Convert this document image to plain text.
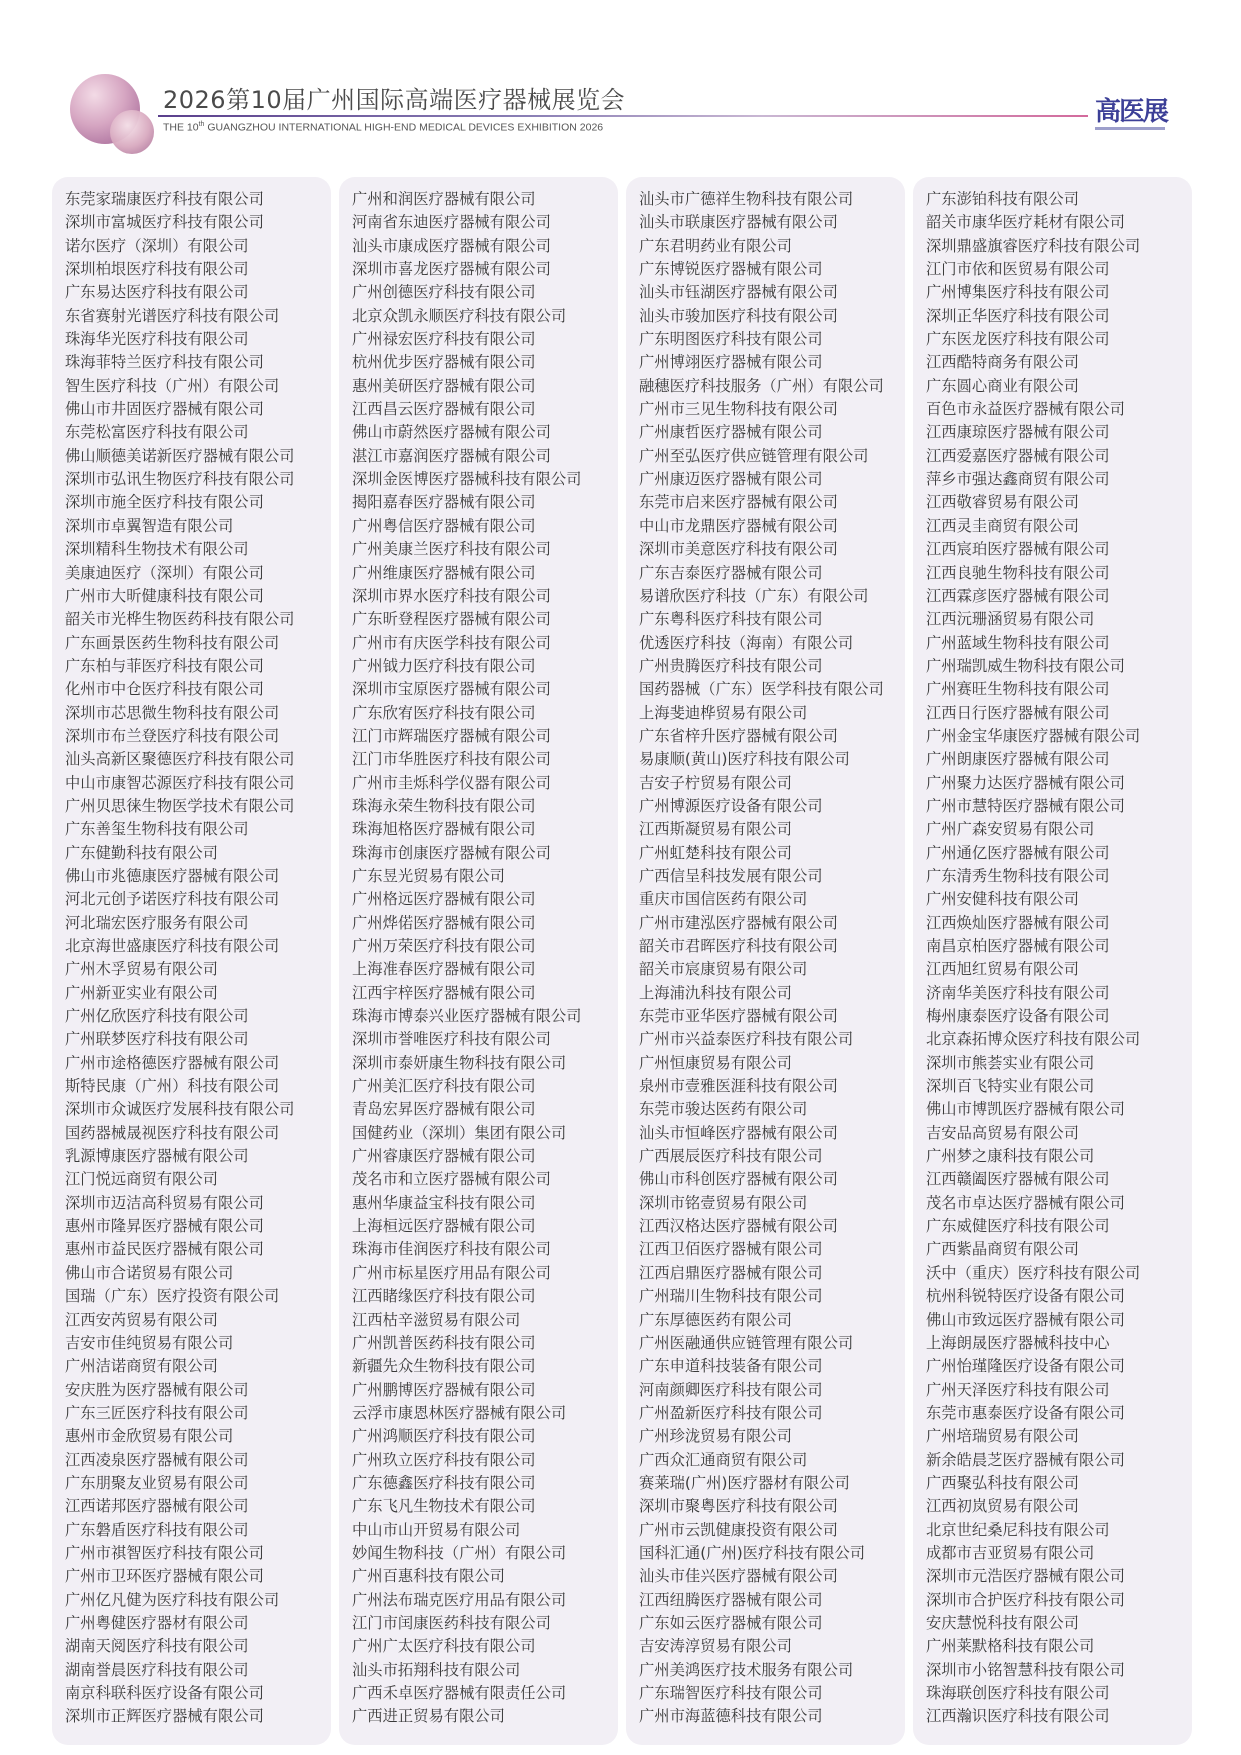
2026第10届广州国际高端医疗器械展览会
THE 10th GUANGZHOU INTERNATIONAL HIGH-END MEDICAL DEVICES EXHIBITION 2026
高医展
东莞家瑞康医疗科技有限公司
深圳市富城医疗科技有限公司
诺尔医疗（深圳）有限公司
深圳柏垠医疗科技有限公司
广东易达医疗科技有限公司
东省赛射光谱医疗科技有限公司
珠海华光医疗科技有限公司
珠海菲特兰医疗科技有限公司
智生医疗科技（广州）有限公司
佛山市井固医疗器械有限公司
东莞松富医疗科技有限公司
佛山顺德美诺新医疗器械有限公司
深圳市弘讯生物医疗科技有限公司
深圳市施全医疗科技有限公司
深圳市卓翼智造有限公司
深圳精科生物技术有限公司
美康迪医疗（深圳）有限公司
广州市大昕健康科技有限公司
韶关市光桦生物医药科技有限公司
广东画景医药生物科技有限公司
广东柏与菲医疗科技有限公司
化州市中仓医疗科技有限公司
深圳市芯思微生物科技有限公司
深圳市布兰登医疗科技有限公司
汕头高新区聚德医疗科技有限公司
中山市康智芯源医疗科技有限公司
广州贝思徕生物医学技术有限公司
广东善玺生物科技有限公司
广东健勤科技有限公司
佛山市兆德康医疗器械有限公司
河北元创予诺医疗科技有限公司
河北瑞宏医疗服务有限公司
北京海世盛康医疗科技有限公司
广州木孚贸易有限公司
广州新亚实业有限公司
广州亿欣医疗科技有限公司
广州联梦医疗科技有限公司
广州市途格德医疗器械有限公司
斯特民康（广州）科技有限公司
深圳市众诚医疗发展科技有限公司
国药器械晟视医疗科技有限公司
乳源博康医疗器械有限公司
江门悦远商贸有限公司
深圳市迈洁高科贸易有限公司
惠州市隆昇医疗器械有限公司
惠州市益民医疗器械有限公司
佛山市合诺贸易有限公司
国瑞（广东）医疗投资有限公司
江西安芮贸易有限公司
吉安市佳纯贸易有限公司
广州洁诺商贸有限公司
安庆胜为医疗器械有限公司
广东三匠医疗科技有限公司
惠州市金欣贸易有限公司
江西凌泉医疗器械有限公司
广东朋聚友业贸易有限公司
江西诺邦医疗器械有限公司
广东磐盾医疗科技有限公司
广州市祺智医疗科技有限公司
广州市卫环医疗器械有限公司
广州亿凡健为医疗科技有限公司
广州粤健医疗器材有限公司
湖南天阅医疗科技有限公司
湖南誉晨医疗科技有限公司
南京科联科医疗设备有限公司
深圳市正辉医疗器械有限公司
广州和润医疗器械有限公司
河南省东迪医疗器械有限公司
汕头市康成医疗器械有限公司
深圳市喜龙医疗器械有限公司
广州创德医疗科技有限公司
北京众凯永顺医疗科技有限公司
广州禄宏医疗科技有限公司
杭州优步医疗器械有限公司
惠州美研医疗器械有限公司
江西昌云医疗器械有限公司
佛山市蔚然医疗器械有限公司
湛江市嘉润医疗器械有限公司
深圳金医博医疗器械科技有限公司
揭阳嘉春医疗器械有限公司
广州粤信医疗器械有限公司
广州美康兰医疗科技有限公司
广州维康医疗器械有限公司
深圳市界水医疗科技有限公司
广东昕登程医疗器械有限公司
广州市有庆医学科技有限公司
广州钺力医疗科技有限公司
深圳市宝原医疗器械有限公司
广东欣宥医疗科技有限公司
江门市辉瑞医疗器械有限公司
江门市华胜医疗科技有限公司
广州市圭烁科学仪器有限公司
珠海永荣生物科技有限公司
珠海旭格医疗器械有限公司
珠海市创康医疗器械有限公司
广东昱光贸易有限公司
广州格远医疗器械有限公司
广州烨偌医疗器械有限公司
广州万荣医疗科技有限公司
上海准春医疗器械有限公司
江西宇梓医疗器械有限公司
珠海市博泰兴业医疗器械有限公司
深圳市誉唯医疗科技有限公司
深圳市泰妍康生物科技有限公司
广州美汇医疗科技有限公司
青岛宏昇医疗器械有限公司
国健药业（深圳）集团有限公司
广州睿康医疗器械有限公司
茂名市和立医疗器械有限公司
惠州华康益宝科技有限公司
上海桓远医疗器械有限公司
珠海市佳润医疗科技有限公司
广州市标星医疗用品有限公司
江西睹缘医疗科技有限公司
江西枯辛滋贸易有限公司
广州凯普医药科技有限公司
新疆先众生物科技有限公司
广州鹏博医疗器械有限公司
云浮市康恩林医疗器械有限公司
广州鸿顺医疗科技有限公司
广州玖立医疗科技有限公司
广东德鑫医疗科技有限公司
广东飞凡生物技术有限公司
中山市山开贸易有限公司
妙闻生物科技（广州）有限公司
广州百惠科技有限公司
广州法布瑞克医疗用品有限公司
江门市闰康医药科技有限公司
广州广太医疗科技有限公司
汕头市拓翔科技有限公司
广西禾卓医疗器械有限责任公司
广西进正贸易有限公司
汕头市广德祥生物科技有限公司
汕头市联康医疗器械有限公司
广东君明药业有限公司
广东博锐医疗器械有限公司
汕头市钰湖医疗器械有限公司
汕头市骏加医疗科技有限公司
广东明图医疗科技有限公司
广州博翊医疗器械有限公司
融穗医疗科技服务（广州）有限公司
广州市三见生物科技有限公司
广州康哲医疗器械有限公司
广州至弘医疗供应链管理有限公司
广州康迈医疗器械有限公司
东莞市启来医疗器械有限公司
中山市龙鼎医疗器械有限公司
深圳市美意医疗科技有限公司
广东吉泰医疗器械有限公司
易谱欣医疗科技（广东）有限公司
广东粤科医疗科技有限公司
优透医疗科技（海南）有限公司
广州贵腾医疗科技有限公司
国药器械（广东）医学科技有限公司
上海斐迪桦贸易有限公司
广东省梓升医疗器械有限公司
易康顺(黄山)医疗科技有限公司
吉安子柠贸易有限公司
广州博源医疗设备有限公司
江西斯凝贸易有限公司
广州虹楚科技有限公司
广西信呈科技发展有限公司
重庆市国信医药有限公司
广州市建泓医疗器械有限公司
韶关市君晖医疗科技有限公司
韶关市宸康贸易有限公司
上海浦氿科技有限公司
东莞市亚华医疗器械有限公司
广州市兴益泰医疗科技有限公司
广州恒康贸易有限公司
泉州市壹雅医涯科技有限公司
东莞市骏达医药有限公司
汕头市恒峰医疗器械有限公司
广西展辰医疗科技有限公司
佛山市科创医疗器械有限公司
深圳市铭壹贸易有限公司
江西汉格达医疗器械有限公司
江西卫佰医疗器械有限公司
江西启鼎医疗器械有限公司
广州瑞川生物科技有限公司
广东厚德医药有限公司
广州医融通供应链管理有限公司
广东申道科技装备有限公司
河南颜卿医疗科技有限公司
广州盈新医疗科技有限公司
广州珍泷贸易有限公司
广西众汇通商贸有限公司
赛莱瑞(广州)医疗器材有限公司
深圳市聚粤医疗科技有限公司
广州市云凯健康投资有限公司
国科汇通(广州)医疗科技有限公司
汕头市佳兴医疗器械有限公司
江西纽腾医疗器械有限公司
广东如云医疗器械有限公司
吉安涛淳贸易有限公司
广州美鸿医疗技术服务有限公司
广东瑞智医疗科技有限公司
广州市海蓝德科技有限公司
广东澎铂科技有限公司
韶关市康华医疗耗材有限公司
深圳鼎盛旗睿医疗科技有限公司
江门市依和医贸易有限公司
广州博集医疗科技有限公司
深圳正华医疗科技有限公司
广东医龙医疗科技有限公司
江西酷特商务有限公司
广东圆心商业有限公司
百色市永益医疗器械有限公司
江西康琼医疗器械有限公司
江西爱嘉医疗器械有限公司
萍乡市强达鑫商贸有限公司
江西敬睿贸易有限公司
江西灵圭商贸有限公司
江西宸珀医疗器械有限公司
江西良驰生物科技有限公司
江西霖彦医疗器械有限公司
江西沅珊涵贸易有限公司
广州蓝域生物科技有限公司
广州瑞凯威生物科技有限公司
广州赛旺生物科技有限公司
江西日行医疗器械有限公司
广州金宝华康医疗器械有限公司
广州朗康医疗器械有限公司
广州聚力达医疗器械有限公司
广州市慧特医疗器械有限公司
广州广森安贸易有限公司
广州通亿医疗器械有限公司
广东清秀生物科技有限公司
广州安健科技有限公司
江西焕灿医疗器械有限公司
南昌京柏医疗器械有限公司
江西旭红贸易有限公司
济南华美医疗科技有限公司
梅州康泰医疗设备有限公司
北京森拓博众医疗科技有限公司
深圳市熊荟实业有限公司
深圳百飞特实业有限公司
佛山市博凯医疗器械有限公司
吉安品高贸易有限公司
广州梦之康科技有限公司
江西赣阖医疗器械有限公司
茂名市卓达医疗器械有限公司
广东威健医疗科技有限公司
广西紫晶商贸有限公司
沃中（重庆）医疗科技有限公司
杭州科锐特医疗设备有限公司
佛山市致远医疗器械有限公司
上海朗晟医疗器械科技中心
广州怡瑾隆医疗设备有限公司
广州天泽医疗科技有限公司
东莞市惠泰医疗设备有限公司
广州培瑞贸易有限公司
新余皓晨芝医疗器械有限公司
广西聚弘科技有限公司
江西初岚贸易有限公司
北京世纪桑尼科技有限公司
成都市吉亚贸易有限公司
深圳市元浩医疗器械有限公司
深圳市合护医疗科技有限公司
安庆慧悦科技有限公司
广州莱默格科技有限公司
深圳市小铭智慧科技有限公司
珠海联创医疗科技有限公司
江西瀚识医疗科技有限公司
